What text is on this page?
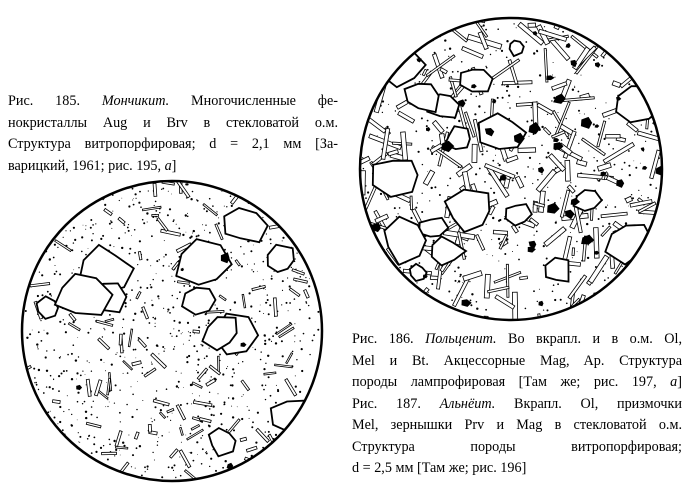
Рис. 185. Мончикит. Многочисленные фе-
нокристаллы Aug и Brv в стекловатой о.м.
Структура витропорфировая; d = 2,1 мм [За-
варицкий, 1961; рис. 195, a]
Рис. 186. Польценит. Во вкрапл. и в о.м. Ol,
Mel и Bt. Акцессорные Mag, Ap. Структура
породы лампрофировая [Там же; рис. 197, a]
Рис. 187. Альнёит. Вкрапл. Ol, призмочки
Mel, зернышки Prv и Mag в стекловатой о.м.
Структура породы витропорфировая;
d = 2,5 мм [Там же; рис. 196]
